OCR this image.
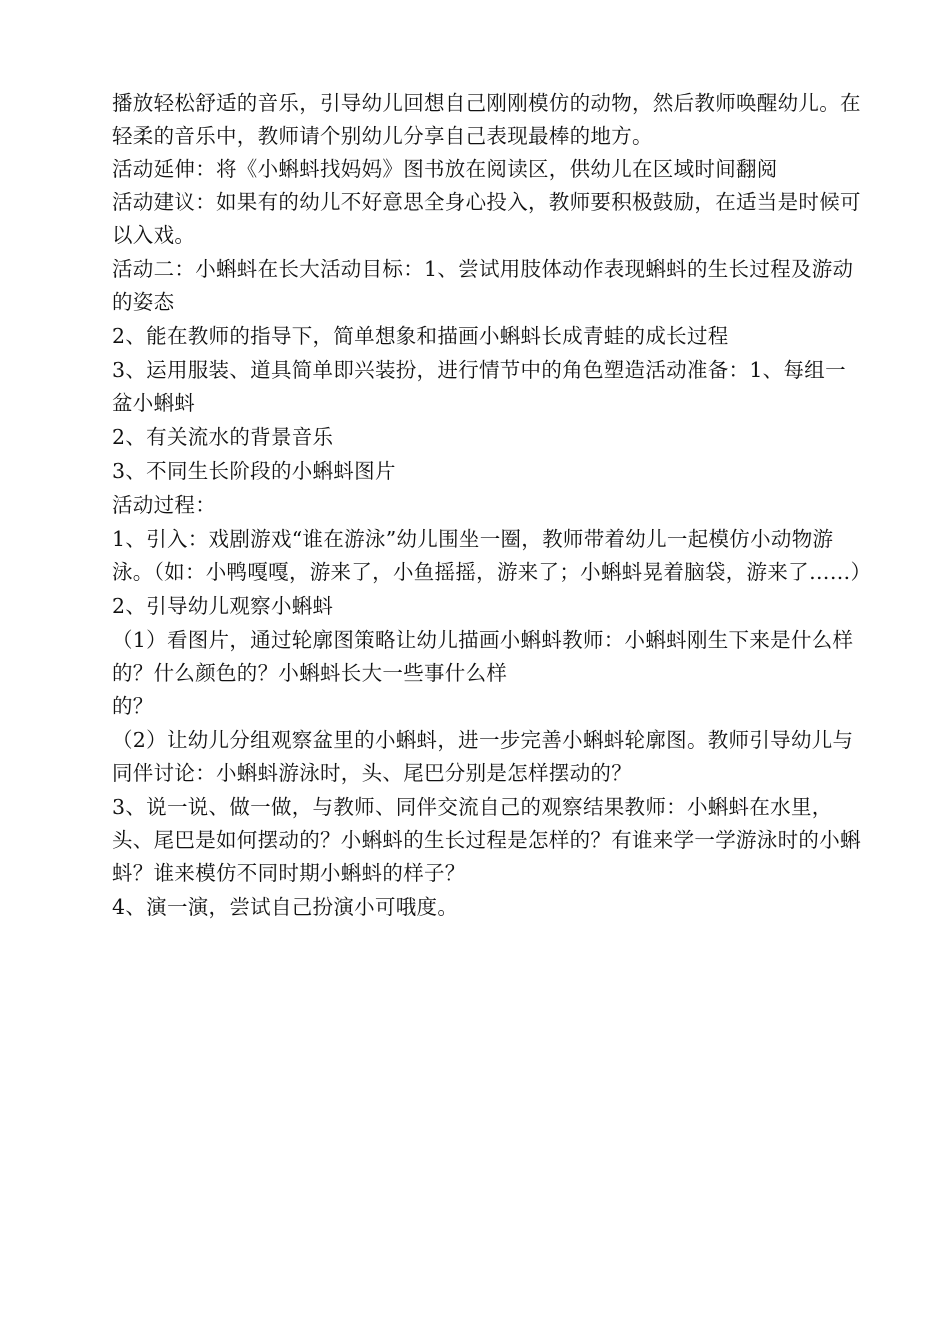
播放轻松舒适的音乐，引导幼儿回想自己刚刚模仿的动物，然后教师唤醒幼儿。在轻柔的音乐中，教师请个别幼儿分享自己表现最棒的地方。

活动延伸：将《小蝌蚪找妈妈》图书放在阅读区，供幼儿在区域时间翻阅

活动建议：如果有的幼儿不好意思全身心投入，教师要积极鼓励，在适当是时候可以入戏。

活动二：小蝌蚪在长大活动目标：1、尝试用肢体动作表现蝌蚪的生长过程及游动的姿态

2、能在教师的指导下，简单想象和描画小蝌蚪长成青蛙的成长过程

3、运用服装、道具简单即兴装扮，进行情节中的角色塑造活动准备：1、每组一盆小蝌蚪

2、有关流水的背景音乐

3、不同生长阶段的小蝌蚪图片

活动过程：

1、引入：戏剧游戏“谁在游泳”幼儿围坐一圈，教师带着幼儿一起模仿小动物游泳。（如：小鸭嘎嘎，游来了，小鱼摇摇，游来了；小蝌蚪晃着脑袋，游来了……）

2、引导幼儿观察小蝌蚪

（1）看图片，通过轮廓图策略让幼儿描画小蝌蚪教师：小蝌蚪刚生下来是什么样的？什么颜色的？小蝌蚪长大一些事什么样

的？

（2）让幼儿分组观察盆里的小蝌蚪，进一步完善小蝌蚪轮廓图。教师引导幼儿与同伴讨论：小蝌蚪游泳时，头、尾巴分别是怎样摆动的？

3、说一说、做一做，与教师、同伴交流自己的观察结果教师：小蝌蚪在水里，头、尾巴是如何摆动的？小蝌蚪的生长过程是怎样的？有谁来学一学游泳时的小蝌蚪？谁来模仿不同时期小蝌蚪的样子？

4、演一演，尝试自己扮演小可哦度。
